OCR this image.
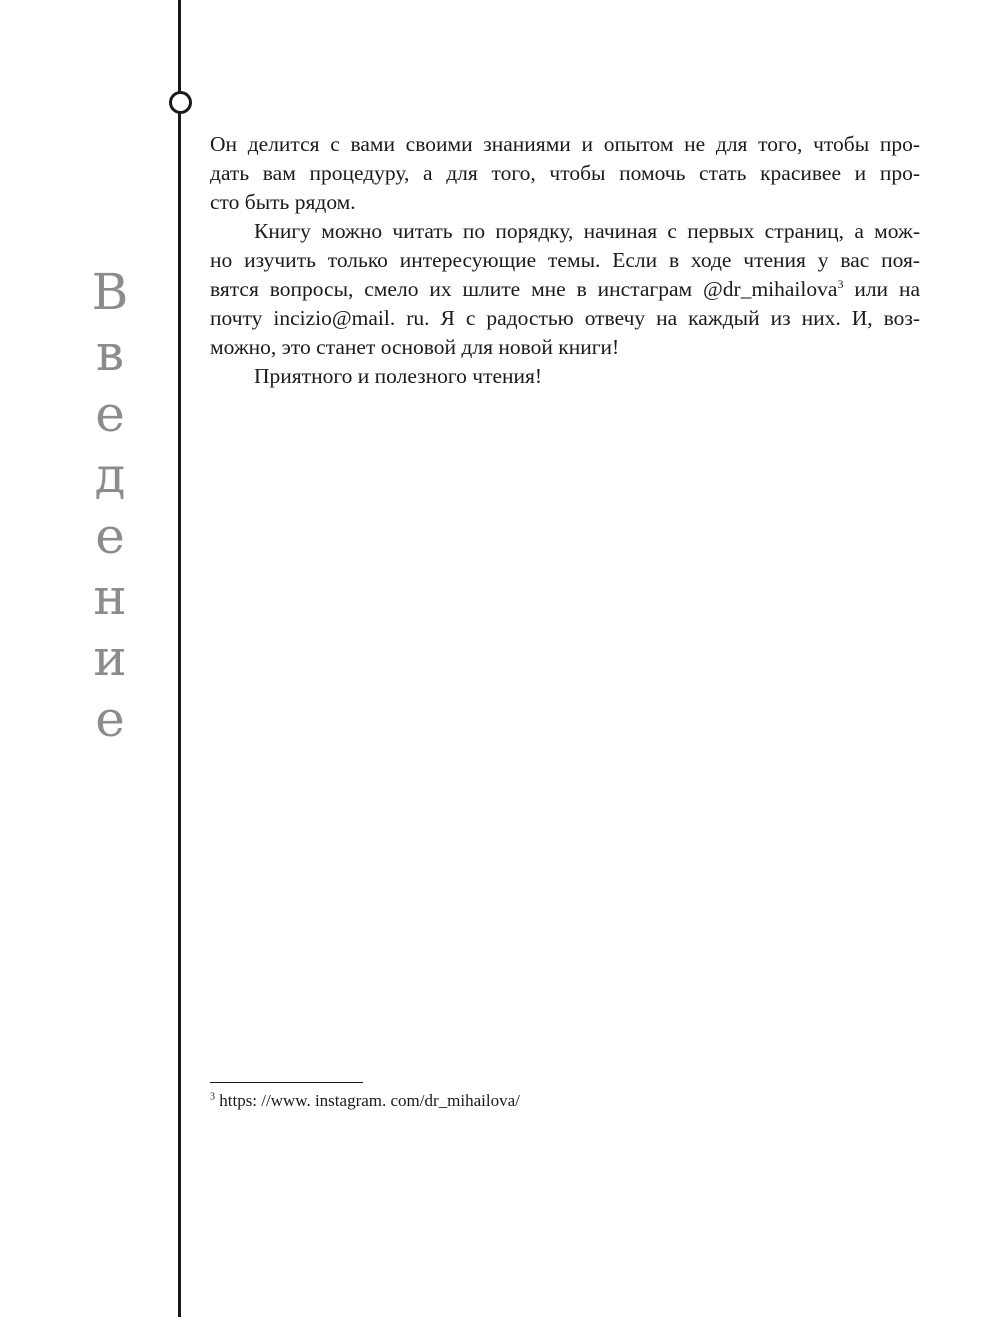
В
в
е
д
е
н
и
е
Он делится с вами своими знаниями и опытом не для того, чтобы про-
дать вам процедуру, а для того, чтобы помочь стать красивее и про-
сто быть рядом.
Книгу можно читать по порядку, начиная с первых страниц, а мож-
но изучить только интересующие темы. Если в ходе чтения у вас поя-
вятся вопросы, смело их шлите мне в инстаграм @dr_mihailova$^3$ или на
почту incizio@mail. ru. Я с радостью отвечу на каждый из них. И, воз-
можно, это станет основой для новой книги!
Приятного и полезного чтения!
$^3$ https: //www. instagram. com/dr_mihailova/
